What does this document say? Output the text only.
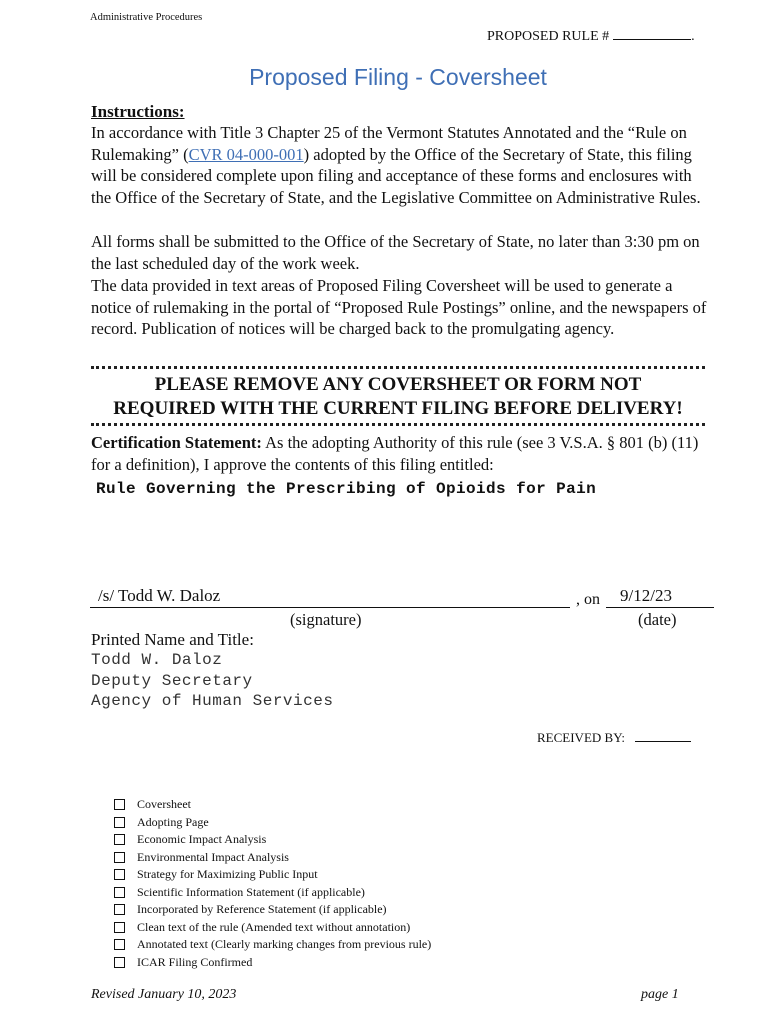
Administrative Procedures
PROPOSED RULE #	.
Proposed Filing - Coversheet
Instructions:
In accordance with Title 3 Chapter 25 of the Vermont Statutes Annotated and the “Rule on Rulemaking” (CVR 04-000-001) adopted by the Office of the Secretary of State, this filing will be considered complete upon filing and acceptance of these forms and enclosures with the Office of the Secretary of State, and the Legislative Committee on Administrative Rules.
All forms shall be submitted to the Office of the Secretary of State, no later than 3:30 pm on the last scheduled day of the work week.
The data provided in text areas of Proposed Filing Coversheet will be used to generate a notice of rulemaking in the portal of “Proposed Rule Postings” online, and the newspapers of record. Publication of notices will be charged back to the promulgating agency.
PLEASE REMOVE ANY COVERSHEET OR FORM NOT
REQUIRED WITH THE CURRENT FILING BEFORE DELIVERY!
Certification Statement: As the adopting Authority of this rule (see 3 V.S.A. § 801 (b) (11) for a definition), I approve the contents of this filing entitled:
Rule Governing the Prescribing of Opioids for Pain
/s/ Todd W. Daloz	, on 9/12/23
(signature)	(date)
Printed Name and Title:
Todd W. Daloz
Deputy Secretary
Agency of Human Services
RECEIVED BY:
Coversheet
Adopting Page
Economic Impact Analysis
Environmental Impact Analysis
Strategy for Maximizing Public Input
Scientific Information Statement (if applicable)
Incorporated by Reference Statement (if applicable)
Clean text of the rule (Amended text without annotation)
Annotated text (Clearly marking changes from previous rule)
ICAR Filing Confirmed
Revised January 10, 2023	page 1
